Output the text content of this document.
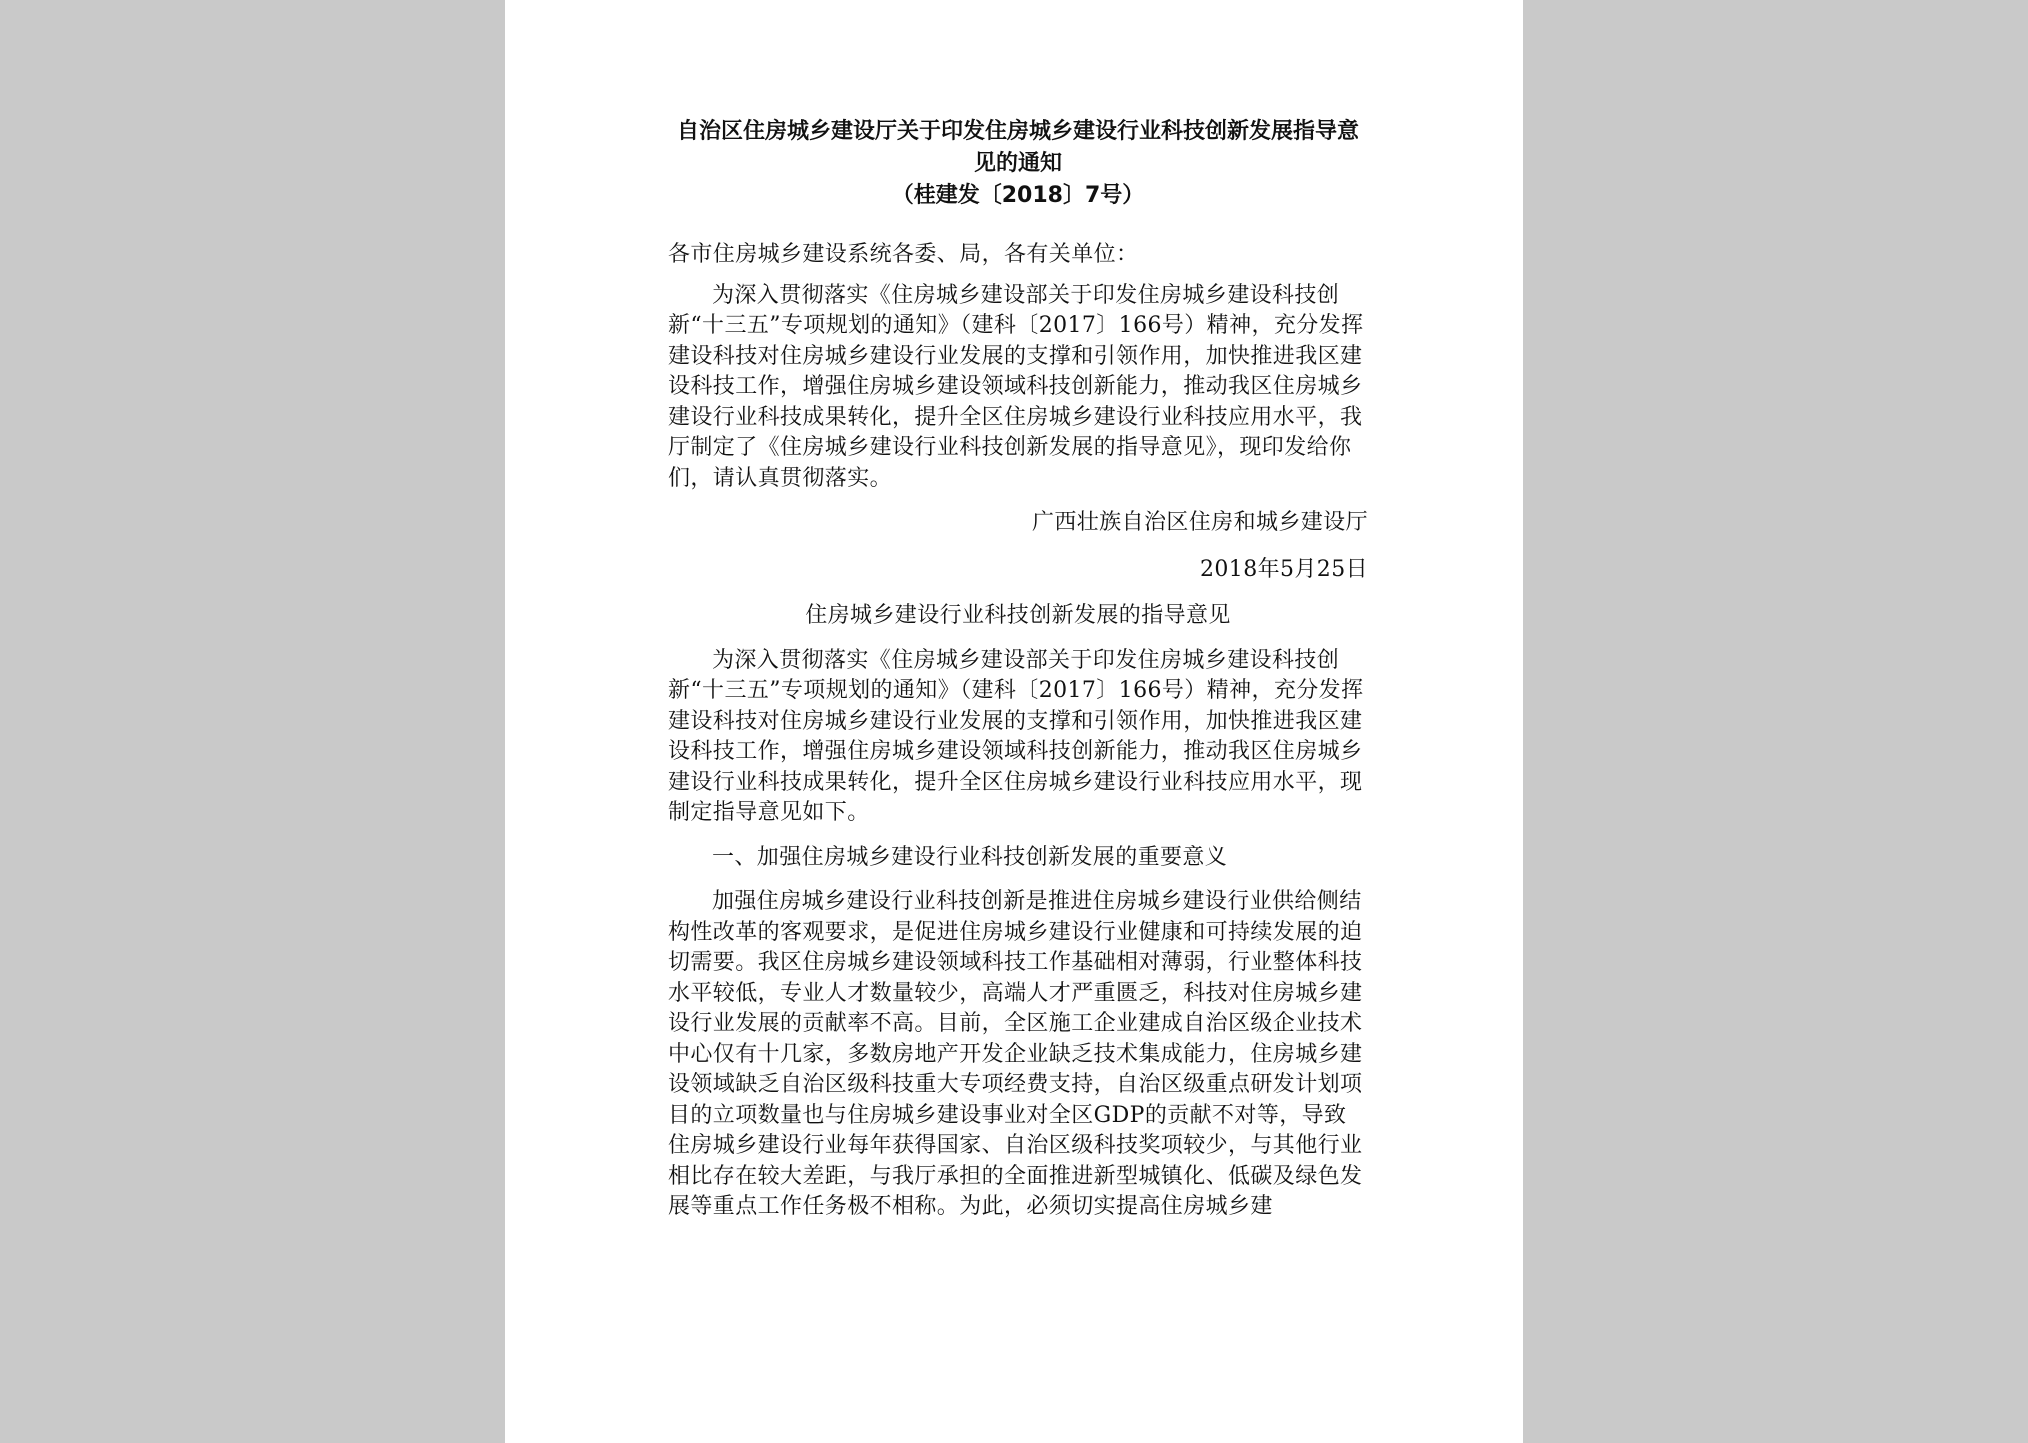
自治区住房城乡建设厅关于印发住房城乡建设行业科技创新发展指导意见的通知
（桂建发〔2018〕7号）

各市住房城乡建设系统各委、局，各有关单位：

为深入贯彻落实《住房城乡建设部关于印发住房城乡建设科技创新“十三五”专项规划的通知》（建科〔2017〕166号）精神，充分发挥建设科技对住房城乡建设行业发展的支撑和引领作用，加快推进我区建设科技工作，增强住房城乡建设领域科技创新能力，推动我区住房城乡建设行业科技成果转化，提升全区住房城乡建设行业科技应用水平，我厅制定了《住房城乡建设行业科技创新发展的指导意见》，现印发给你们，请认真贯彻落实。

广西壮族自治区住房和城乡建设厅

2018年5月25日

住房城乡建设行业科技创新发展的指导意见

为深入贯彻落实《住房城乡建设部关于印发住房城乡建设科技创新“十三五”专项规划的通知》（建科〔2017〕166号）精神，充分发挥建设科技对住房城乡建设行业发展的支撑和引领作用，加快推进我区建设科技工作，增强住房城乡建设领域科技创新能力，推动我区住房城乡建设行业科技成果转化，提升全区住房城乡建设行业科技应用水平，现制定指导意见如下。

一、加强住房城乡建设行业科技创新发展的重要意义

加强住房城乡建设行业科技创新是推进住房城乡建设行业供给侧结构性改革的客观要求，是促进住房城乡建设行业健康和可持续发展的迫切需要。我区住房城乡建设领域科技工作基础相对薄弱，行业整体科技水平较低，专业人才数量较少，高端人才严重匮乏，科技对住房城乡建设行业发展的贡献率不高。目前，全区施工企业建成自治区级企业技术中心仅有十几家，多数房地产开发企业缺乏技术集成能力，住房城乡建设领域缺乏自治区级科技重大专项经费支持，自治区级重点研发计划项目的立项数量也与住房城乡建设事业对全区GDP的贡献不对等，导致住房城乡建设行业每年获得国家、自治区级科技奖项较少，与其他行业相比存在较大差距，与我厅承担的全面推进新型城镇化、低碳及绿色发展等重点工作任务极不相称。为此，必须切实提高住房城乡建
